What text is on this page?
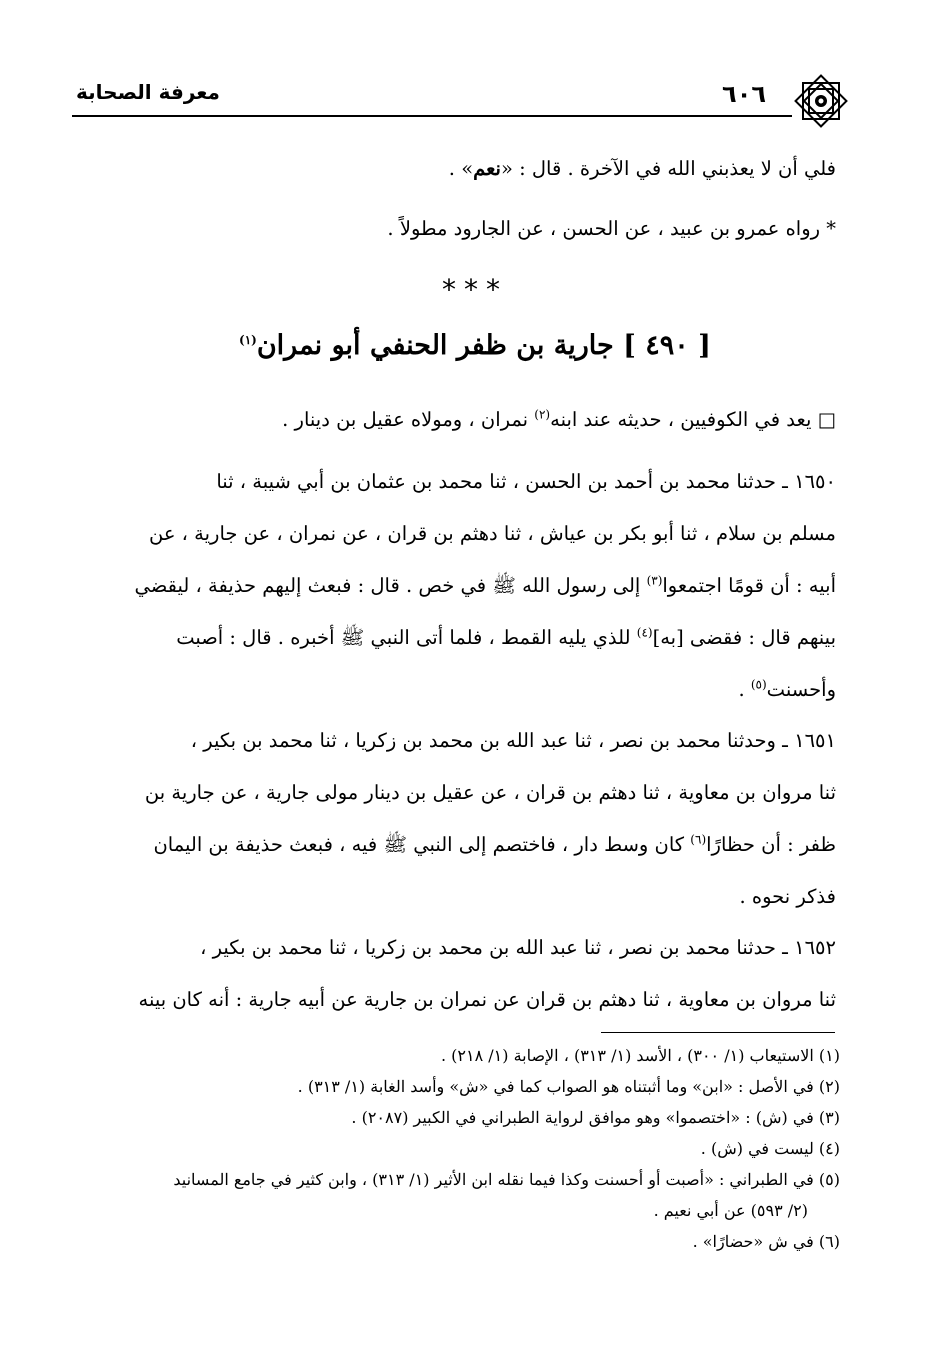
٦٠٦
معرفة الصحابة
فلي أن لا يعذبني الله في الآخرة . قال : «نعم» .
* رواه عمرو بن عبيد ، عن الحسن ، عن الجارود مطولاً .
***
[ ٤٩٠ ] جارية بن ظفر الحنفي أبو نمران$^{(١)}$
□ يعد في الكوفيين ، حديثه عند ابنه$^{(٢)}$ نمران ، ومولاه عقيل بن دينار .
١٦٥٠ ـ حدثنا محمد بن أحمد بن الحسن ، ثنا محمد بن عثمان بن أبي شيبة ، ثنا
مسلم بن سلام ، ثنا أبو بكر بن عياش ، ثنا دهثم بن قران ، عن نمران ، عن جارية ، عن
أبيه : أن قومًا اجتمعوا$^{(٣)}$ إلى رسول الله ﷺ في خص . قال : فبعث إليهم حذيفة ، ليقضي
بينهم قال : فقضى [به]$^{(٤)}$ للذي يليه القمط ، فلما أتى النبي ﷺ أخبره . قال : أصبت
وأحسنت$^{(٥)}$ .
١٦٥١ ـ وحدثنا محمد بن نصر ، ثنا عبد الله بن محمد بن زكريا ، ثنا محمد بن بكير ،
ثنا مروان بن معاوية ، ثنا دهثم بن قران ، عن عقيل بن دينار مولى جارية ، عن جارية بن
ظفر : أن حظارًا$^{(٦)}$ كان وسط دار ، فاختصم إلى النبي ﷺ فيه ، فبعث حذيفة بن اليمان
فذكر نحوه .
١٦٥٢ ـ حدثنا محمد بن نصر ، ثنا عبد الله بن محمد بن زكريا ، ثنا محمد بن بكير ،
ثنا مروان بن معاوية ، ثنا دهثم بن قران عن نمران بن جارية عن أبيه جارية : أنه كان بينه
(١) الاستيعاب (١/ ٣٠٠) ، الأسد (١/ ٣١٣) ، الإصابة (١/ ٢١٨) .
(٢) في الأصل : «ابن» وما أثبتناه هو الصواب كما في «ش» وأسد الغابة (١/ ٣١٣) .
(٣) في (ش) : «اختصموا» وهو موافق لرواية الطبراني في الكبير (٢٠٨٧) .
(٤) ليست في (ش) .
(٥) في الطبراني : «أصبت أو أحسنت وكذا فيما نقله ابن الأثير (١/ ٣١٣) ، وابن كثير في جامع المسانيد
(٢/ ٥٩٣) عن أبي نعيم .
(٦) في ش «حضارًا» .
